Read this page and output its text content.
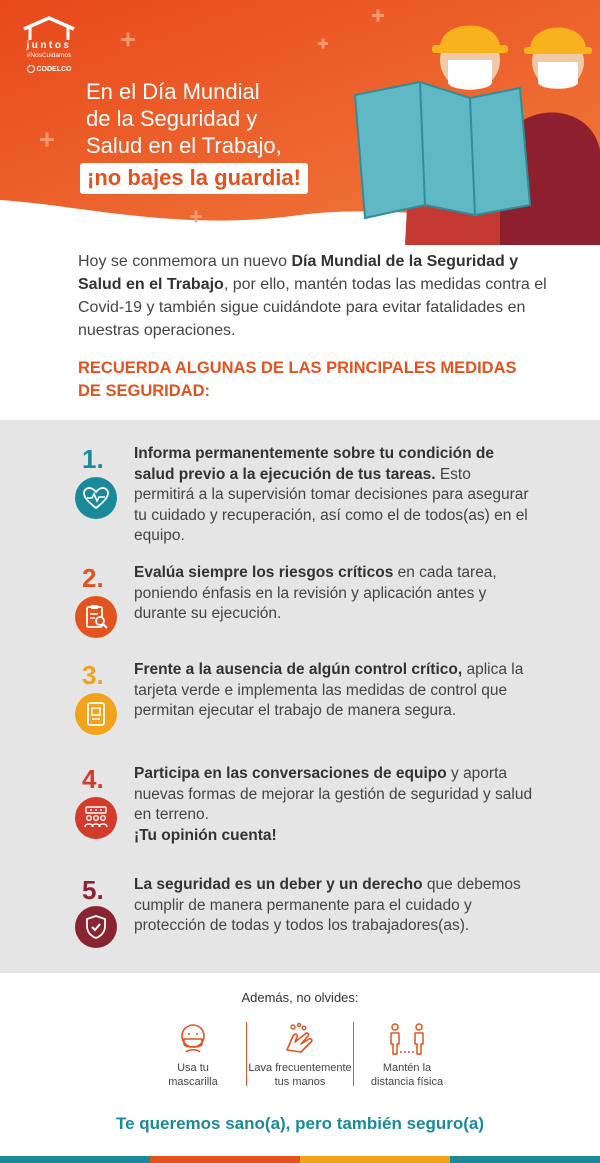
juntos
#NosCuidamos
CODELCO
En el Día Mundial
de la Seguridad y
Salud en el Trabajo,
¡no bajes la guardia!

Hoy se conmemora un nuevo Día Mundial de la Seguridad y Salud en el Trabajo, por ello, mantén todas las medidas contra el Covid-19 y también sigue cuidándote para evitar fatalidades en nuestras operaciones.

RECUERDA ALGUNAS DE LAS PRINCIPALES MEDIDAS DE SEGURIDAD:
1. Informa permanentemente sobre tu condición de salud previo a la ejecución de tus tareas. Esto permitirá a la supervisión tomar decisiones para asegurar tu cuidado y recuperación, así como el de todos(as) en el equipo.

2. Evalúa siempre los riesgos críticos en cada tarea, poniendo énfasis en la revisión y aplicación antes y durante su ejecución.

3. Frente a la ausencia de algún control crítico, aplica la tarjeta verde e implementa las medidas de control que permitan ejecutar el trabajo de manera segura.

4. Participa en las conversaciones de equipo y aporta nuevas formas de mejorar la gestión de seguridad y salud en terreno.
¡Tu opinión cuenta!

5. La seguridad es un deber y un derecho que debemos cumplir de manera permanente para el cuidado y protección de todas y todos los trabajadores(as).

Además, no olvides:
Usa tu
mascarilla
Lava frecuentemente
tus manos
Mantén la
distancia física
Te queremos sano(a), pero también seguro(a)
